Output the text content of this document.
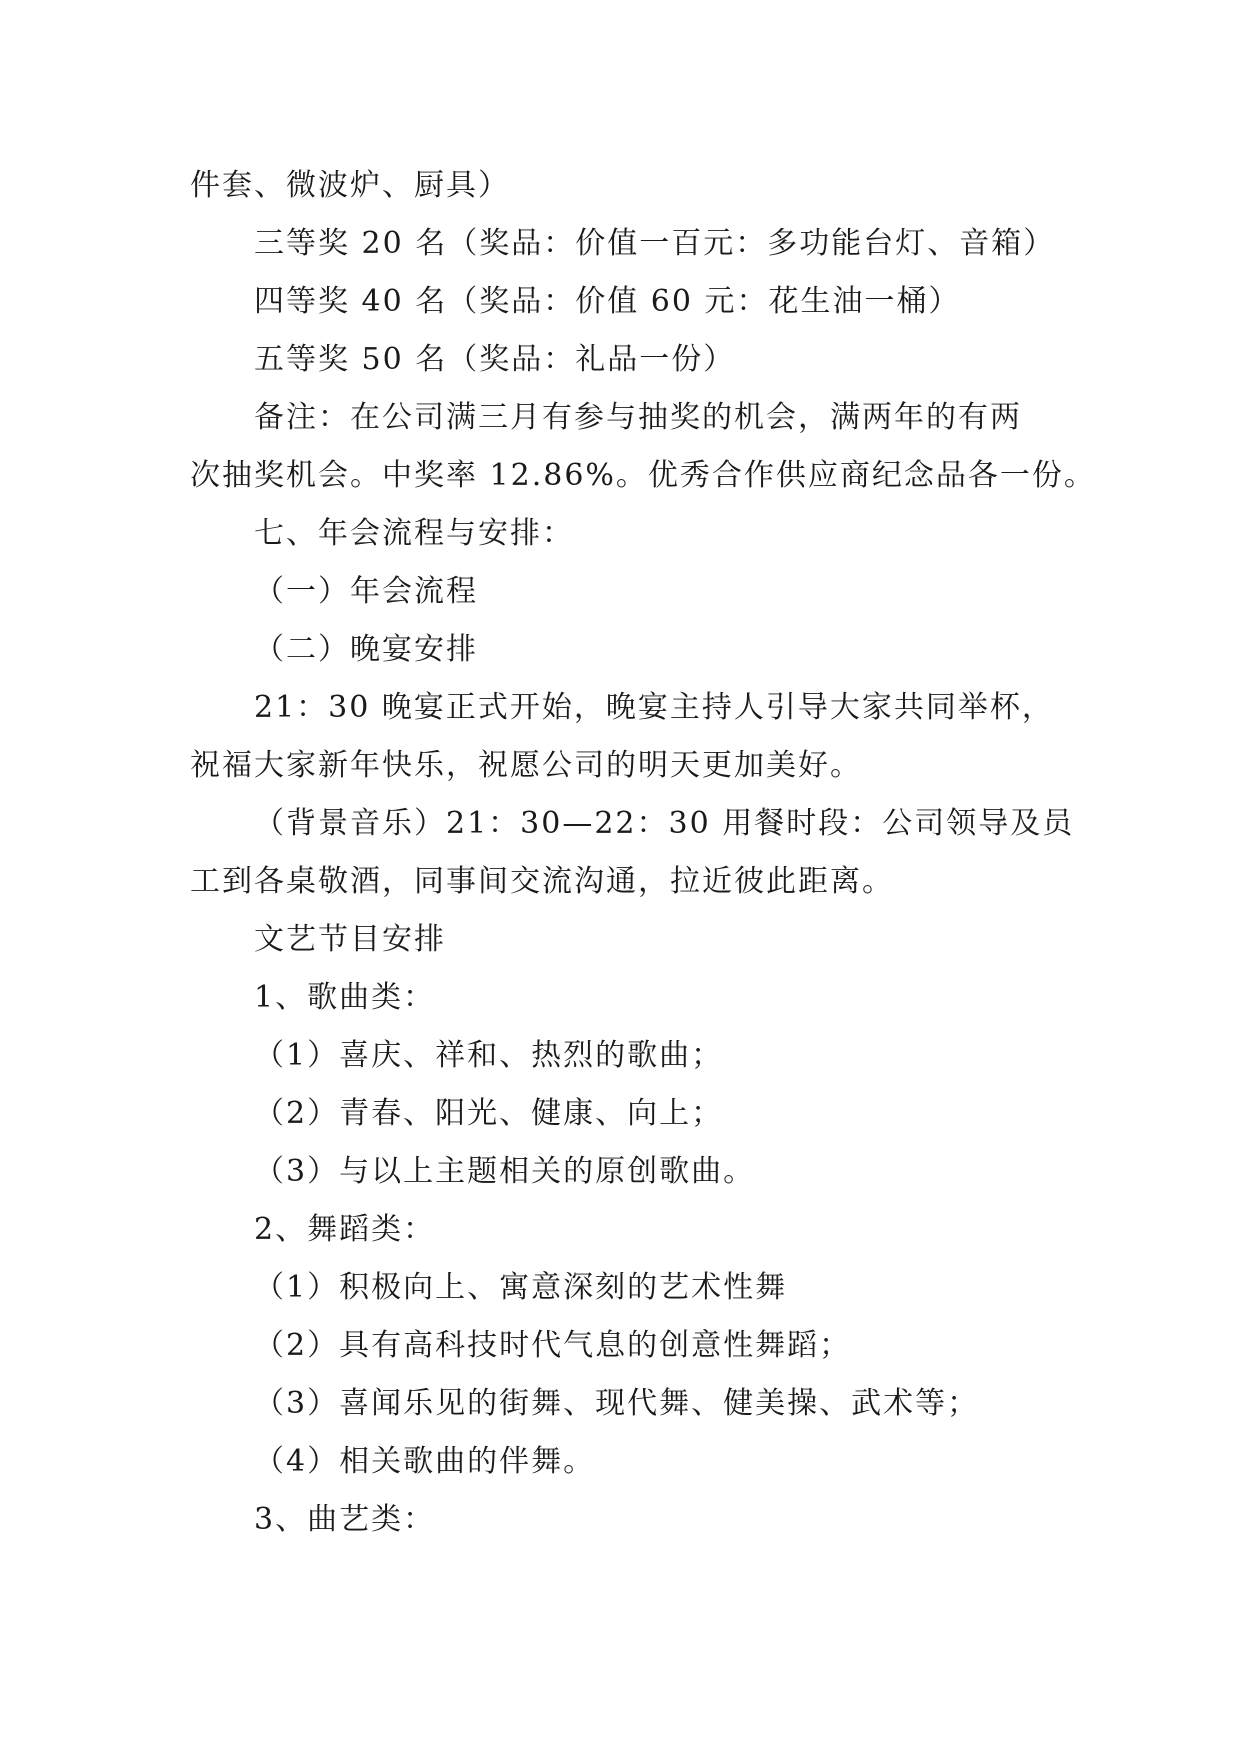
件套、微波炉、厨具）
三等奖 20 名（奖品：价值一百元：多功能台灯、音箱）
四等奖 40 名（奖品：价值 60 元：花生油一桶）
五等奖 50 名（奖品：礼品一份）
备注：在公司满三月有参与抽奖的机会，满两年的有两
次抽奖机会。中奖率 12.86%。优秀合作供应商纪念品各一份。
七、年会流程与安排：
（一）年会流程
（二）晚宴安排
21：30 晚宴正式开始，晚宴主持人引导大家共同举杯，
祝福大家新年快乐，祝愿公司的明天更加美好。
（背景音乐）21：30—22：30 用餐时段：公司领导及员
工到各桌敬酒，同事间交流沟通，拉近彼此距离。
文艺节目安排
1、歌曲类：
（1）喜庆、祥和、热烈的歌曲；
（2）青春、阳光、健康、向上；
（3）与以上主题相关的原创歌曲。
2、舞蹈类：
（1）积极向上、寓意深刻的艺术性舞
（2）具有高科技时代气息的创意性舞蹈；
（3）喜闻乐见的街舞、现代舞、健美操、武术等；
（4）相关歌曲的伴舞。
3、曲艺类：
